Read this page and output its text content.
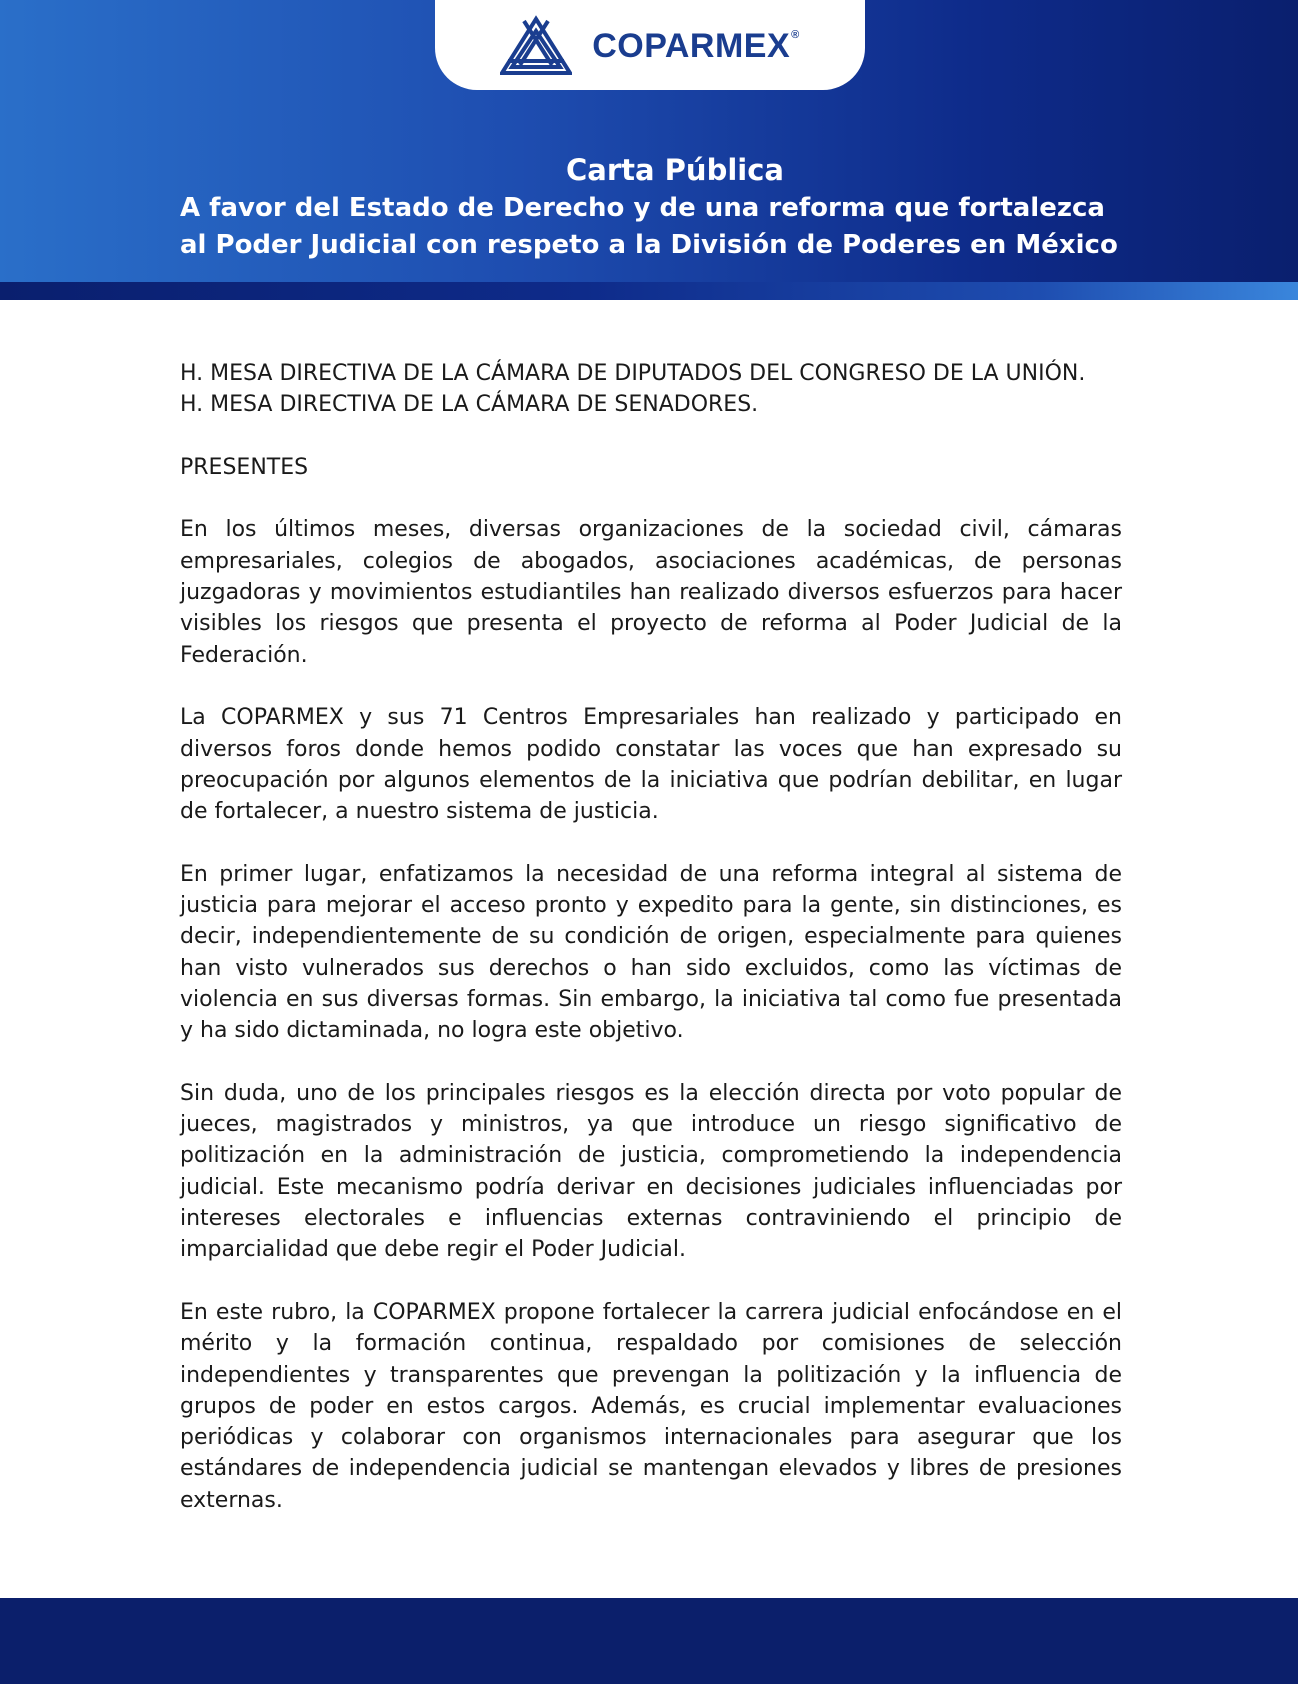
COPARMEX®
Carta Pública
A favor del Estado de Derecho y de una reforma que fortalezca
al Poder Judicial con respeto a la División de Poderes en México

H. MESA DIRECTIVA DE LA CÁMARA DE DIPUTADOS DEL CONGRESO DE LA UNIÓN.

H. MESA DIRECTIVA DE LA CÁMARA DE SENADORES.

PRESENTES

En los últimos meses, diversas organizaciones de la sociedad civil, cámaras empresariales, colegios de abogados, asociaciones académicas, de personas juzgadoras y movimientos estudiantiles han realizado diversos esfuerzos para hacer visibles los riesgos que presenta el proyecto de reforma al Poder Judicial de la Federación.

La COPARMEX y sus 71 Centros Empresariales han realizado y participado en diversos foros donde hemos podido constatar las voces que han expresado su preocupación por algunos elementos de la iniciativa que podrían debilitar, en lugar de fortalecer, a nuestro sistema de justicia.

En primer lugar, enfatizamos la necesidad de una reforma integral al sistema de justicia para mejorar el acceso pronto y expedito para la gente, sin distinciones, es decir, independientemente de su condición de origen, especialmente para quienes han visto vulnerados sus derechos o han sido excluidos, como las víctimas de violencia en sus diversas formas. Sin embargo, la iniciativa tal como fue presentada y ha sido dictaminada, no logra este objetivo.

Sin duda, uno de los principales riesgos es la elección directa por voto popular de jueces, magistrados y ministros, ya que introduce un riesgo significativo de politización en la administración de justicia, comprometiendo la independencia judicial. Este mecanismo podría derivar en decisiones judiciales influenciadas por intereses electorales e influencias externas contraviniendo el principio de imparcialidad que debe regir el Poder Judicial.

En este rubro, la COPARMEX propone fortalecer la carrera judicial enfocándose en el mérito y la formación continua, respaldado por comisiones de selección independientes y transparentes que prevengan la politización y la influencia de grupos de poder en estos cargos. Además, es crucial implementar evaluaciones periódicas y colaborar con organismos internacionales para asegurar que los estándares de independencia judicial se mantengan elevados y libres de presiones externas.
